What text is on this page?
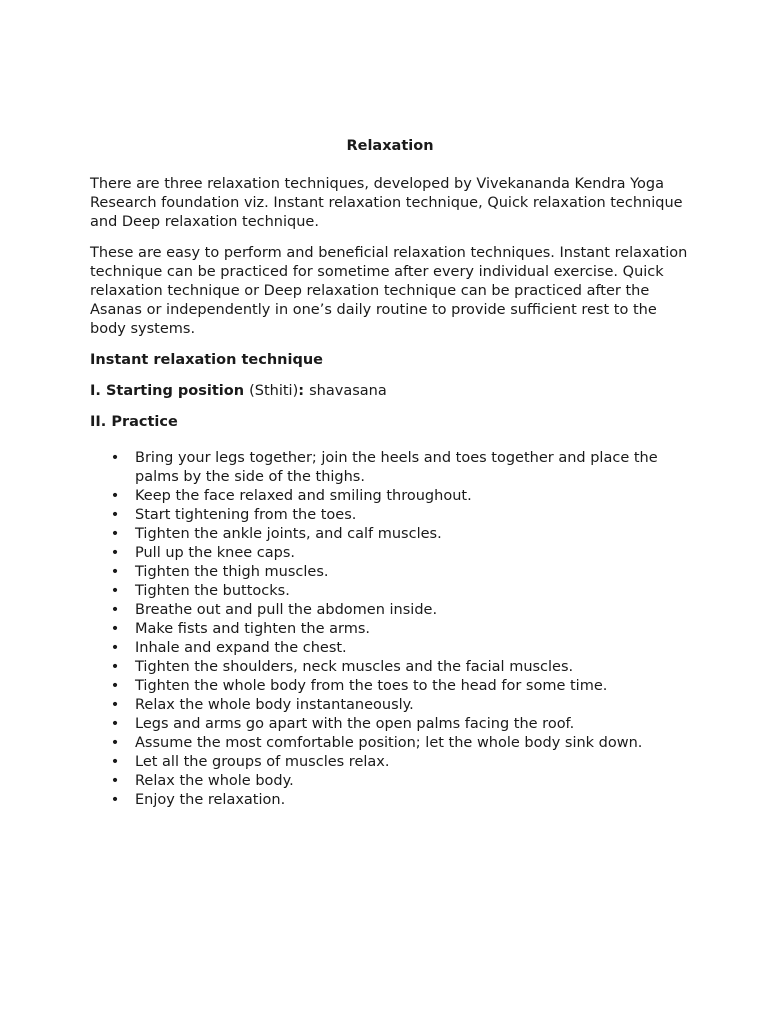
Relaxation

There are three relaxation techniques, developed by Vivekananda Kendra Yoga Research foundation viz. Instant relaxation technique, Quick relaxation technique and Deep relaxation technique.

These are easy to perform and beneficial relaxation techniques. Instant relaxation technique can be practiced for sometime after every individual exercise. Quick relaxation technique or Deep relaxation technique can be practiced after the Asanas or independently in one’s daily routine to provide sufficient rest to the body systems.

Instant relaxation technique
I. Starting position (Sthiti): shavasana
II. Practice
• Bring your legs together; join the heels and toes together and place the palms by the side of the thighs.
• Keep the face relaxed and smiling throughout.
• Start tightening from the toes.
• Tighten the ankle joints, and calf muscles.
• Pull up the knee caps.
• Tighten the thigh muscles.
• Tighten the buttocks.
• Breathe out and pull the abdomen inside.
• Make fists and tighten the arms.
• Inhale and expand the chest.
• Tighten the shoulders, neck muscles and the facial muscles.
• Tighten the whole body from the toes to the head for some time.
• Relax the whole body instantaneously.
• Legs and arms go apart with the open palms facing the roof.
• Assume the most comfortable position; let the whole body sink down.
• Let all the groups of muscles relax.
• Relax the whole body.
• Enjoy the relaxation.
